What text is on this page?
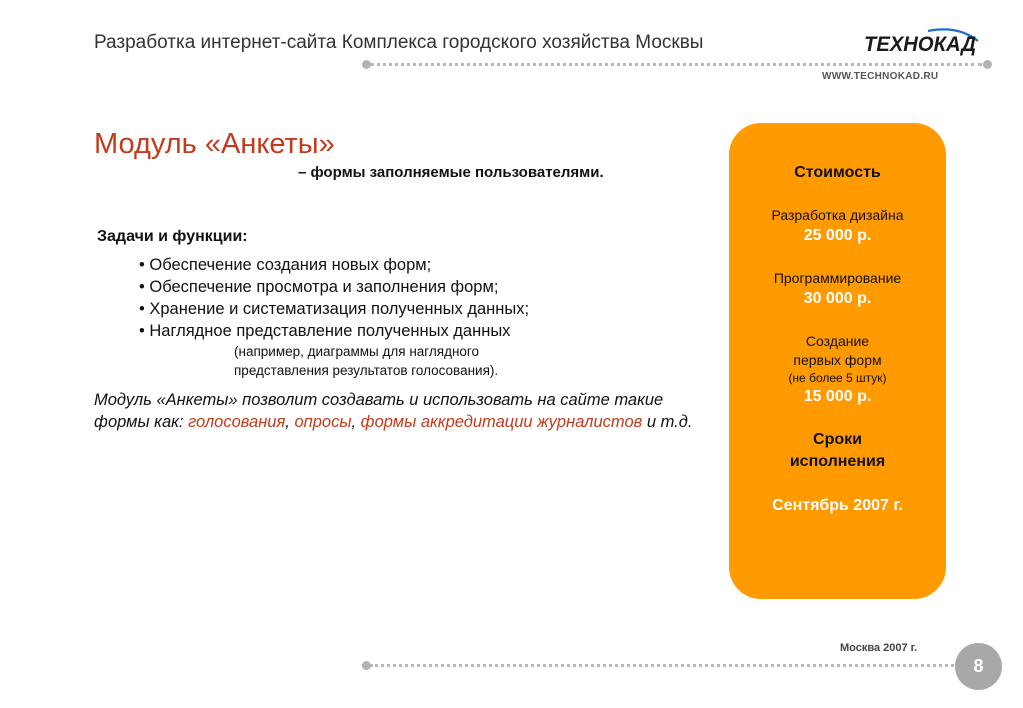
Разработка интернет-сайта Комплекса городского хозяйства Москвы	ТЕХНОКАД
WWW.TECHNOKAD.RU
Модуль «Анкеты»
– формы заполняемые пользователями.
Задачи и функции:
• Обеспечение создания новых форм;
• Обеспечение просмотра и заполнения форм;
• Хранение и систематизация полученных данных;
• Наглядное представление полученных данных
(например, диаграммы для наглядного
представления результатов голосования).
Модуль «Анкеты» позволит создавать и использовать на сайте такие формы как: голосования, опросы, формы аккредитации журналистов и т.д.
Стоимость
Разработка дизайна
25 000 р.
Программирование
30 000 р.
Создание
первых форм
(не более 5 штук)
15 000 р.
Сроки
исполнения
Сентябрь 2007 г.
Москва 2007 г.
8
